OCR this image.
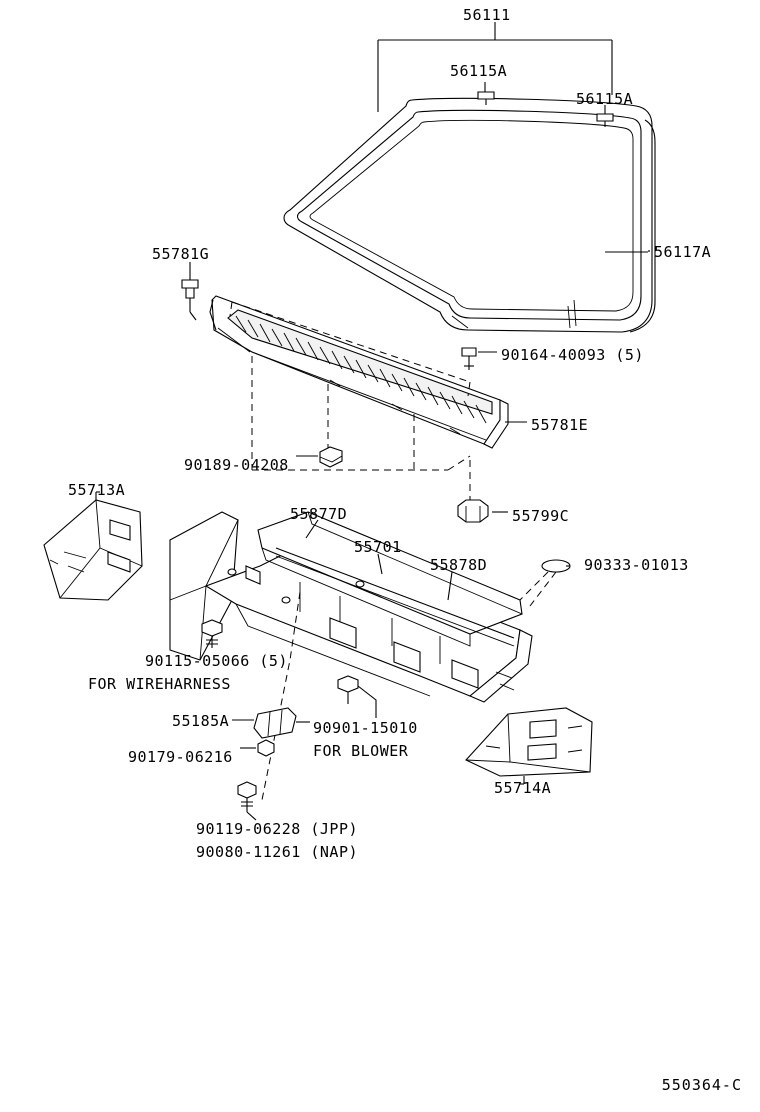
56111
56115A
56115A
56117A
55781G
90164-40093 (5)
55781E
90189-04208
55799C
55713A
55877D
55701
55878D	90333-01013
90115-05066 (5)
FOR WIREHARNESS
55185A	90901-15010
90179-06216	FOR BLOWER
55714A
90119-06228 (JPP)
90080-11261 (NAP)
550364-C
